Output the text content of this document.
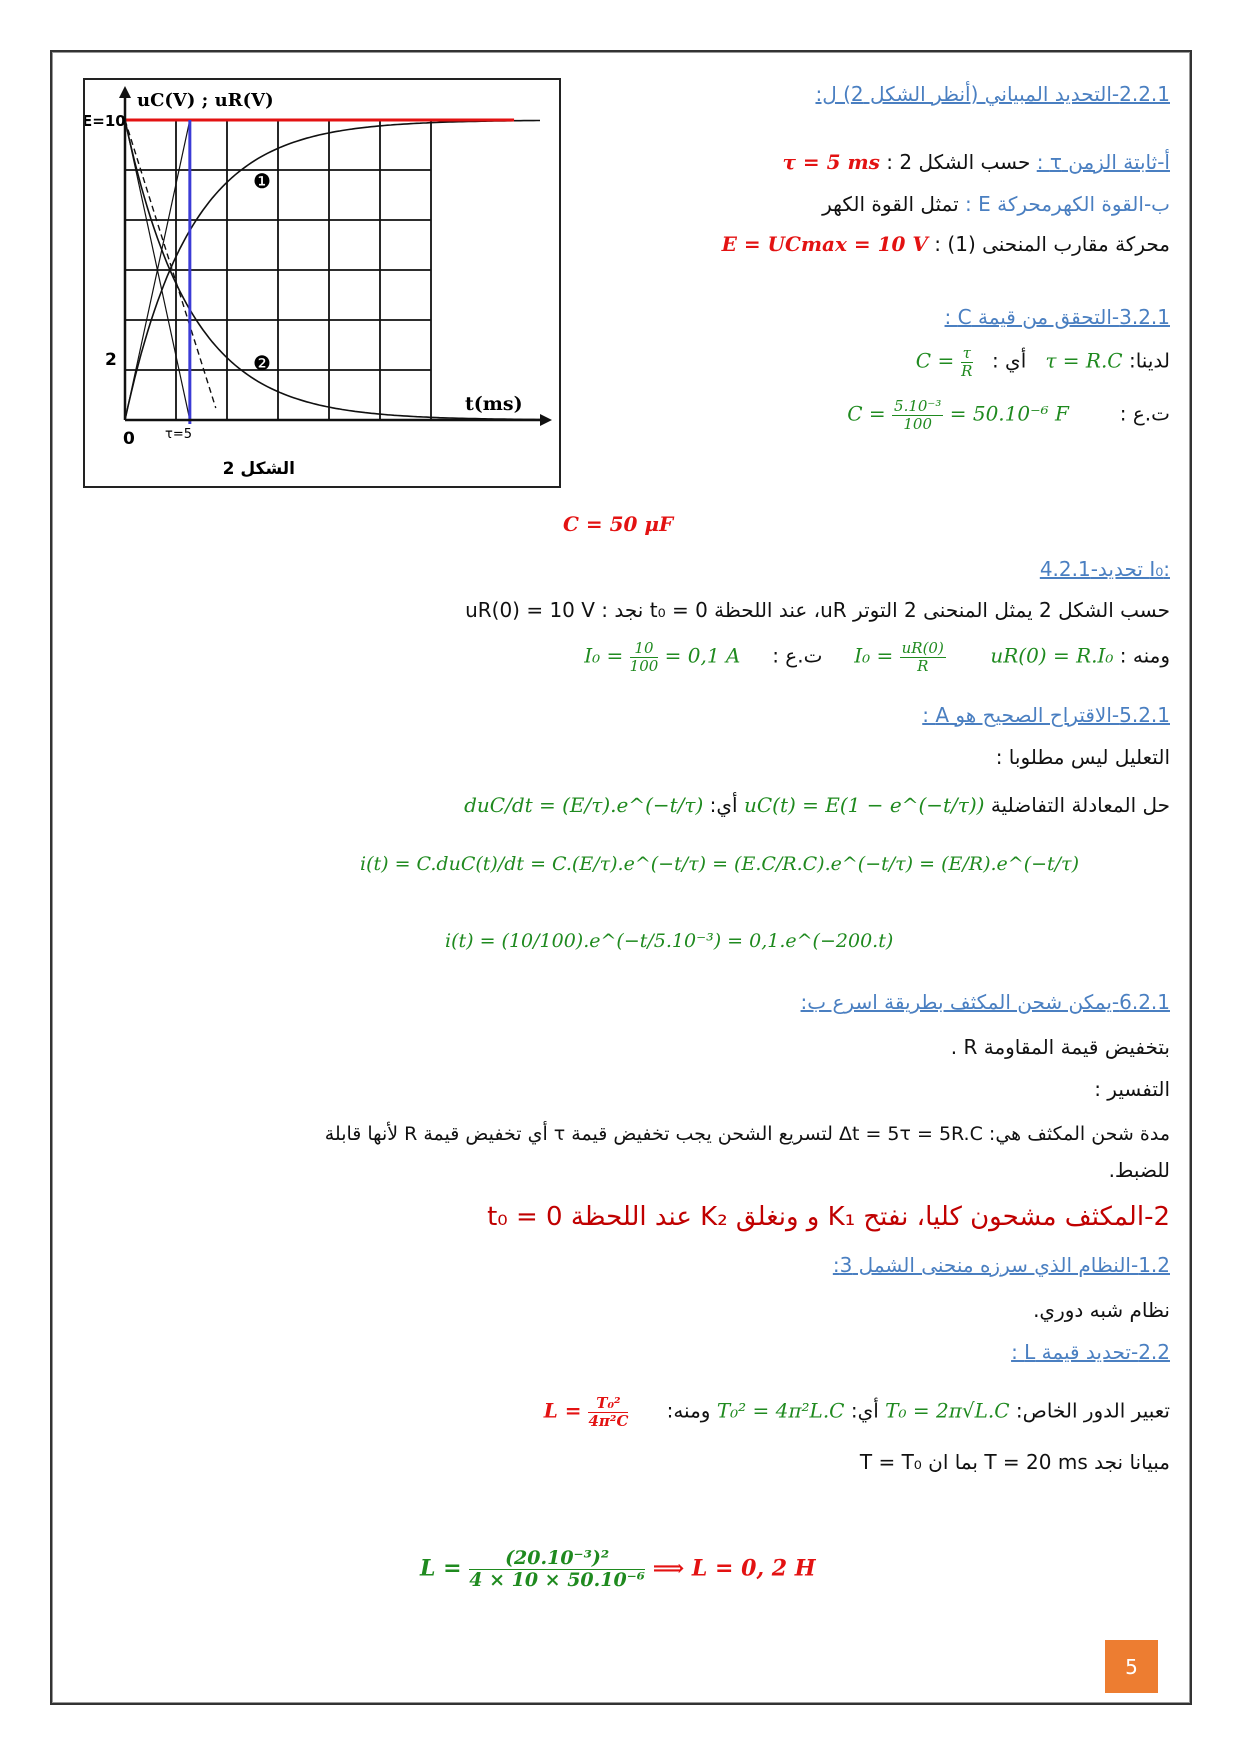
uC(V) ; uR(V)
t(ms)
E=10
2
0 τ=5
❶
❷
الشكل 2
2.2.1-التحديد المبياني (أنظر الشكل 2) ل:
أ-ثابتة الزمن τ : حسب الشكل 2 : τ = 5 ms
ب-القوة الكهرمحركة E : تمثل القوة الكهر
محركة مقارب المنحنى (1) : E = UCmax = 10 V
3.2.1-التحقق من قيمة C :
لدينا: τ = R.C   أي :   $C = \frac{\tau}{R}$
ت.ع :        $C = \frac{\text{5.10⁻³}}{100} = 50.10^{-6}$ F
C = 50 μF
:I₀ تحديد-4.2.1
حسب الشكل 2 يمثل المنحنى 2 التوتر uR، عند اللحظة t₀ = 0 نجد : uR(0) = 10 V
ومنه : uR(0) = R.I₀       $I_0 = \frac{uR(0)}{R}$
ت.ع :     $I_0 = \frac{10}{100} = 0,1$ A
5.2.1-الاقتراح الصحيح هو A :
التعليل ليس مطلوبا :
حل المعادلة التفاضلية uC(t) = E(1 − e^(−t/τ)) أي: duC/dt = (E/τ).e^(−t/τ)
i(t) = C.duC(t)/dt = C.(E/τ).e^(−t/τ) = (E.C/R.C).e^(−t/τ) = (E/R).e^(−t/τ)
i(t) = (10/100).e^(−t/5.10⁻³) = 0,1.e^(−200.t)
6.2.1-يمكن شحن المكثف بطريقة اسرع ب:
بتخفيض قيمة المقاومة R .
التفسير :
مدة شحن المكثف هي: Δt = 5τ = 5R.C لتسريع الشحن يجب تخفيض قيمة τ أي تخفيض قيمة R لأنها قابلة
للضبط.
2-المكثف مشحون كليا، نفتح K₁ و ونغلق K₂ عند اللحظة t₀ = 0
1.2-النظام الذي سرزه منحنى الشمل 3:
نظام شبه دوري.
2.2-تحديد قيمة L :
تعبير الدور الخاص: T₀ = 2π√L.C أي: T₀² = 4π²L.C ومنه:      $L = \frac{\text{T₀²}}{\text{4π²C}}$
مبيانا نجد T = 20 ms بما ان T = T₀
$L = \frac{\text{(20.10⁻³)²}}{\text{4 × 10 × 50.10⁻⁶}}$ ⟹ L = 0, 2 H
5
